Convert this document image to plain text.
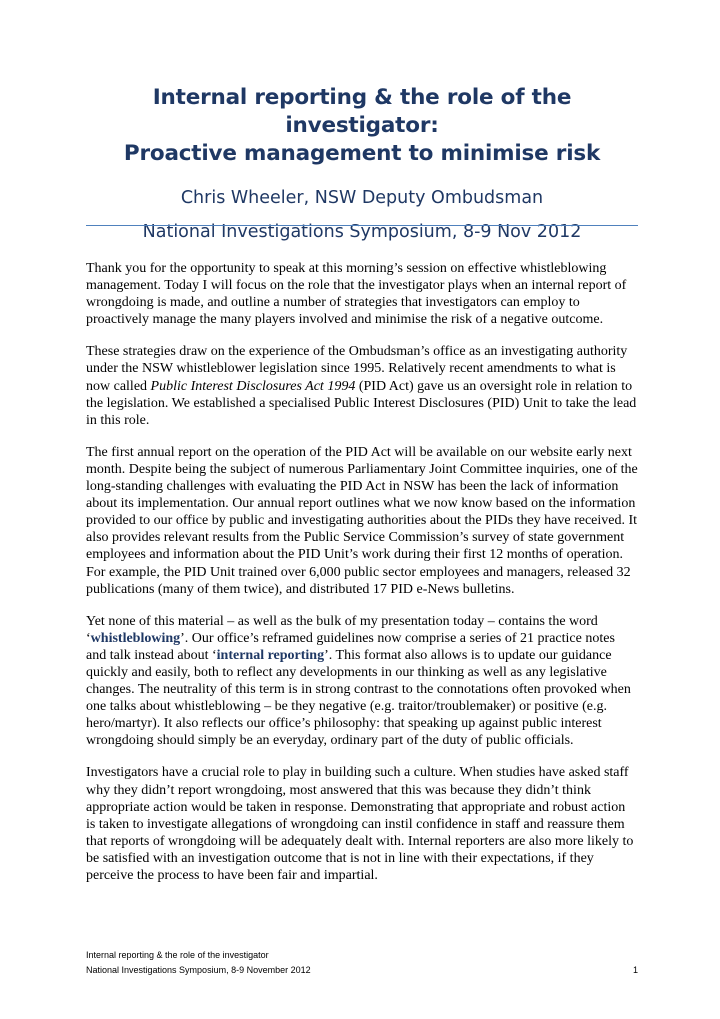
Internal reporting & the role of the investigator:
Proactive management to minimise risk

Chris Wheeler, NSW Deputy Ombudsman

National Investigations Symposium, 8-9 Nov 2012

Thank you for the opportunity to speak at this morning’s session on effective whistleblowing management. Today I will focus on the role that the investigator plays when an internal report of wrongdoing is made, and outline a number of strategies that investigators can employ to proactively manage the many players involved and minimise the risk of a negative outcome.

These strategies draw on the experience of the Ombudsman’s office as an investigating authority under the NSW whistleblower legislation since 1995. Relatively recent amendments to what is now called Public Interest Disclosures Act 1994 (PID Act) gave us an oversight role in relation to the legislation. We established a specialised Public Interest Disclosures (PID) Unit to take the lead in this role.

The first annual report on the operation of the PID Act will be available on our website early next month. Despite being the subject of numerous Parliamentary Joint Committee inquiries, one of the long-standing challenges with evaluating the PID Act in NSW has been the lack of information about its implementation. Our annual report outlines what we now know based on the information provided to our office by public and investigating authorities about the PIDs they have received. It also provides relevant results from the Public Service Commission’s survey of state government employees and information about the PID Unit’s work during their first 12 months of operation. For example, the PID Unit trained over 6,000 public sector employees and managers, released 32 publications (many of them twice), and distributed 17 PID e-News bulletins.

Yet none of this material – as well as the bulk of my presentation today – contains the word ‘whistleblowing’. Our office’s reframed guidelines now comprise a series of 21 practice notes and talk instead about ‘internal reporting’. This format also allows is to update our guidance quickly and easily, both to reflect any developments in our thinking as well as any legislative changes. The neutrality of this term is in strong contrast to the connotations often provoked when one talks about whistleblowing – be they negative (e.g. traitor/troublemaker) or positive (e.g. hero/martyr). It also reflects our office’s philosophy: that speaking up against public interest wrongdoing should simply be an everyday, ordinary part of the duty of public officials.

Investigators have a crucial role to play in building such a culture. When studies have asked staff why they didn’t report wrongdoing, most answered that this was because they didn’t think appropriate action would be taken in response. Demonstrating that appropriate and robust action is taken to investigate allegations of wrongdoing can instil confidence in staff and reassure them that reports of wrongdoing will be adequately dealt with. Internal reporters are also more likely to be satisfied with an investigation outcome that is not in line with their expectations, if they perceive the process to have been fair and impartial.

Internal reporting & the role of the investigator
National Investigations Symposium, 8-9 November 2012	1
